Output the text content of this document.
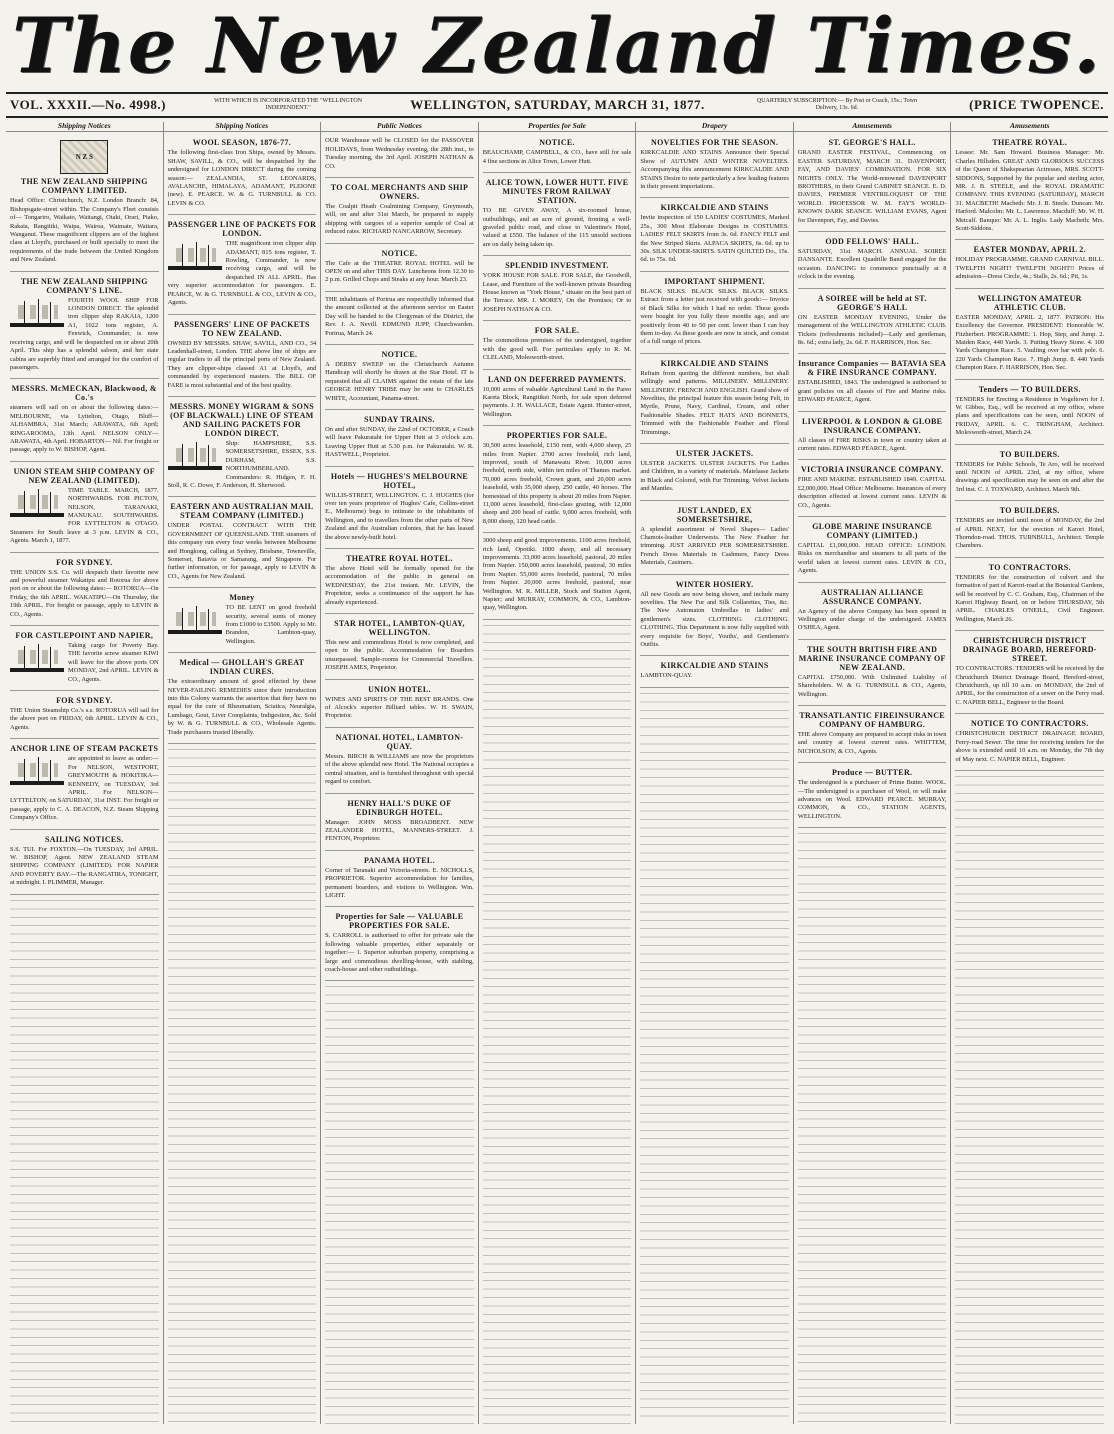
The New Zealand Times.
VOL. XXXII.—No. 4998.)	WITH WHICH IS INCORPORATED THE "WELLINGTON INDEPENDENT."	WELLINGTON, SATURDAY, MARCH 31, 1877.	QUARTERLY SUBSCRIPTION:— By Post or Coach, 15s.; Town Delivery, 13s. 6d.	(PRICE TWOPENCE.
Shipping Notices
N Z S
THE NEW ZEALAND SHIPPING COMPANY LIMITED.

Head Office: Christchurch, N.Z. London Branch: 84, Bishopsgate-street within. The Company's Fleet consists of— Tongariro, Waikato, Waitangi, Otaki, Orari, Piako, Rakaia, Rangitiki, Waipa, Wairoa, Waimate, Waitara, Wanganui. These magnificent clippers are of the highest class at Lloyd's, purchased or built specially to meet the requirements of the trade between the United Kingdom and New Zealand.

THE NEW ZEALAND SHIPPING COMPANY'S LINE.

FOURTH WOOL SHIP FOR LONDON DIRECT. The splendid iron clipper ship RAKAIA, 1200 A1, 1022 tons register, A. Fenwick, Commander, is now receiving cargo, and will be despatched on or about 20th April. This ship has a splendid saloon, and her state cabins are superbly fitted and arranged for the comfort of passengers.

MESSRS. McMECKAN, Blackwood, & Co.'s

steamers will sail on or about the following dates:— MELBOURNE, via Lyttelton, Otago, Bluff— ALHAMBRA, 31st March; ARAWATA, 6th April; RINGAROOMA, 13th April. NELSON ONLY— ARAWATA, 4th April. HOBARTON— Nil. For freight or passage, apply to W. BISHOP, Agent.

UNION STEAM SHIP COMPANY OF NEW ZEALAND (LIMITED).

TIME TABLE. MARCH, 1877. NORTHWARDS. FOR PICTON, NELSON, TARANAKI, MANUKAU. SOUTHWARDS. FOR LYTTELTON & OTAGO. Steamers for South leave at 3 p.m. LEVIN & CO., Agents. March 1, 1877.

FOR SYDNEY.

THE UNION S.S. Co. will despatch their favorite new and powerful steamer Wakatipu and Rotorua for above port on or about the following dates:— ROTORUA—On Friday, the 6th APRIL. WAKATIPU—On Thursday, the 19th APRIL. For freight or passage, apply to LEVIN & CO., Agents.

FOR CASTLEPOINT AND NAPIER,

Taking cargo for Poverty Bay. THE favorite screw steamer KIWI will leave for the above ports ON MONDAY, 2nd APRIL. LEVIN & CO., Agents.

FOR SYDNEY.

THE Union Steamship Co.'s s.s. ROTORUA will sail for the above port on FRIDAY, 6th APRIL. LEVIN & CO., Agents.

ANCHOR LINE OF STEAM PACKETS

are appointed to leave as under:— For NELSON, WESTPORT, GREYMOUTH & HOKITIKA—KENNEDY, on TUESDAY, 3rd APRIL. For NELSON—LYTTELTON, on SATURDAY, 31st INST. For freight or passage, apply to C. A. DEACON, N.Z. Steam Shipping Company's Office.

SAILING NOTICES.

S.S. TUI. For FOXTON.—On TUESDAY, 3rd APRIL. W. BISHOP, Agent. NEW ZEALAND STEAM SHIPPING COMPANY (LIMITED). FOR NAPIER AND POVERTY BAY.—The RANGATIRA, TONIGHT, at midnight. I. PLIMMER, Manager.

Shipping Notices
WOOL SEASON, 1876-77.

The following first-class Iron Ships, owned by Messrs. SHAW, SAVILL, & CO., will be despatched by the undersigned for LONDON DIRECT during the coming season:— ZEALANDIA, ST. LEONARDS, AVALANCHE, HIMALAYA, ADAMANT, PLEIONE (new). E. PEARCE. W. & G. TURNBULL & CO. LEVIN & CO.

PASSENGER LINE OF PACKETS FOR LONDON.

THE magnificent iron clipper ship ADAMANT, 815 tons register, T. Rowling, Commander, is now receiving cargo, and will be despatched IN ALL APRIL. Has very superior accommodation for passengers. E. PEARCE, W. & G. TURNBULL & CO., LEVIN & CO., Agents.

PASSENGERS' LINE OF PACKETS TO NEW ZEALAND.

OWNED BY MESSRS. SHAW, SAVILL, AND CO., 34 Leadenhall-street, London. THE above line of ships are regular traders to all the principal ports of New Zealand. They are clipper-ships classed A1 at Lloyd's, and commanded by experienced masters. The BILL OF FARE is most substantial and of the best quality.

MESSRS. MONEY WIGRAM & SONS (OF BLACKWALL) LINE OF STEAM AND SAILING PACKETS FOR LONDON DIRECT.

Ship: HAMPSHIRE, S.S. SOMERSETSHIRE, ESSEX, S.S. DURHAM, S.S. NORTHUMBERLAND. Commanders: R. Hidgen, F. H. Stoll, R. C. Dowe, F. Anderson, H. Sherwood.

EASTERN AND AUSTRALIAN MAIL STEAM COMPANY (LIMITED.)

UNDER POSTAL CONTRACT WITH THE GOVERNMENT OF QUEENSLAND. THE steamers of this company run every four weeks between Melbourne and Hongkong, calling at Sydney, Brisbane, Townsville, Somerset, Batavia or Samarang, and Singapore. For further information, or for passage, apply to LEVIN & CO., Agents for New Zealand.

Money

TO BE LENT on good freehold security, several sums of money from £1000 to £3500. Apply to Mr. Brandon, Lambton-quay, Wellington.

Medical — GHOLLAH'S GREAT INDIAN CURES.

The extraordinary amount of good effected by these NEVER-FAILING REMEDIES since their introduction into this Colony warrants the assertion that they have no equal for the cure of Rheumatism, Sciatica, Neuralgia, Lumbago, Gout, Liver Complaints, Indigestion, &c. Sold by W. & G. TURNBULL & CO., Wholesale Agents. Trade purchasers trusted liberally.

Public Notices

OUR Warehouse will be CLOSED for the PASSOVER HOLIDAYS, from Wednesday evening, the 28th inst., to Tuesday morning, the 3rd April. JOSEPH NATHAN & CO.

TO COAL MERCHANTS AND SHIP OWNERS.

The Coalpit Heath Coalmining Company, Greymouth, will, on and after 31st March, be prepared to supply shipping with cargoes of a superior sample of Coal at reduced rates. RICHARD NANCARROW, Secretary.

NOTICE.

The Cafe at the THEATRE ROYAL HOTEL will be OPEN on and after THIS DAY. Luncheons from 12.30 to 2 p.m. Grilled Chops and Steaks at any hour. March 23.

THE inhabitants of Porirua are respectfully informed that the amount collected at the afternoon service on Easter Day will be handed to the Clergyman of the District, the Rev. J. A. Nevill. EDMUND JUPP, Churchwarden. Porirua, March 24.

NOTICE.

A DERBY SWEEP on the Christchurch Autumn Handicap will shortly be drawn at the Star Hotel. IT is requested that all CLAIMS against the estate of the late GEORGE HENRY TRIBE may be sent to CHARLES WHITE, Accountant, Panama-street.

SUNDAY TRAINS.

On and after SUNDAY, the 22nd of OCTOBER, a Coach will leave Pakuratahi for Upper Hutt at 3 o'clock a.m. Leaving Upper Hutt at 5.30 p.m. for Pakuratahi. W. R. HASTWELL, Proprietor.

Hotels — HUGHES'S MELBOURNE HOTEL,

WILLIS-STREET, WELLINGTON. C. J. HUGHES (for over ten years proprietor of Hughes' Cafe, Collins-street E., Melbourne) begs to intimate to the inhabitants of Wellington, and to travellers from the other parts of New Zealand and the Australian colonies, that he has leased the above newly-built hotel.

THEATRE ROYAL HOTEL.

The above Hotel will be formally opened for the accommodation of the public in general on WEDNESDAY, the 21st instant. Mr. LEVIN, the Proprietor, seeks a continuance of the support he has already experienced.

STAR HOTEL, LAMBTON-QUAY, WELLINGTON.

This new and commodious Hotel is now completed, and open to the public. Accommodation for Boarders unsurpassed. Sample-rooms for Commercial Travellers. JOSEPH AMES, Proprietor.

UNION HOTEL.

WINES AND SPIRITS OF THE BEST BRANDS. One of Alcock's superior Billiard tables. W. H. SWAIN, Proprietor.

NATIONAL HOTEL, LAMBTON-QUAY.

Messrs. BIRCH & WILLIAMS are now the proprietors of the above splendid new Hotel. The National occupies a central situation, and is furnished throughout with special regard to comfort.

HENRY HALL'S DUKE OF EDINBURGH HOTEL.

Manager: JOHN MOSS BROADBENT. NEW ZEALANDER HOTEL, MANNERS-STREET. J. FENTON, Proprietor.

PANAMA HOTEL.

Corner of Taranaki and Victoria-streets. E. NICHOLLS, PROPRIETOR. Superior accommodation for families, permanent boarders, and visitors to Wellington. Wm. LIGHT.

Properties for Sale — VALUABLE PROPERTIES FOR SALE.

S. CARROLL is authorised to offer for private sale the following valuable properties, either separately or together:— 1. Superior suburban property, comprising a large and commodious dwelling-house, with stabling, coach-house and other outbuildings.

Properties for Sale
NOTICE.

BEAUCHAMP, CAMPBELL, & CO., have still for sale 4 fine sections in Alice Town, Lower Hutt.

ALICE TOWN, LOWER HUTT. FIVE MINUTES FROM RAILWAY STATION.

TO BE GIVEN AWAY, A six-roomed house, outbuildings, and an acre of ground, fronting a well-graveled public road, and close to Valentine's Hotel, valued at £550. The balance of the 115 unsold sections are on daily being taken up.

SPLENDID INVESTMENT.

YORK HOUSE FOR SALE. FOR SALE, the Goodwill, Lease, and Furniture of the well-known private Boarding House known as "York House," situate on the best part of the Terrace. MR. J. MOREY, On the Premises; Or to JOSEPH NATHAN & CO.

FOR SALE.

The commodious premises of the undersigned, together with the good will. For particulars apply to R. M. CLELAND, Molesworth-street.

LAND ON DEFERRED PAYMENTS.

10,000 acres of valuable Agricultural Land in the Pareo Kareta Block, Rangitikei North, for sale upon deferred payments. J. H. WALLACE, Estate Agent. Hunter-street, Wellington.

PROPERTIES FOR SALE.

30,500 acres leasehold, £150 rent, with 4,000 sheep, 25 miles from Napier. 2700 acres freehold, rich land, improved, south of Manawatu River. 10,000 acres freehold, north side, within ten miles of Thames market. 70,000 acres freehold, Crown grant, and 20,000 acres leasehold, with 35,000 sheep, 250 cattle, 40 horses. The homestead of this property is about 20 miles from Napier. 11,000 acres leasehold, first-class grazing, with 12,000 sheep and 200 head of cattle. 9,000 acres freehold, with 8,000 sheep, 120 head cattle.

3000 sheep and good improvements. 1100 acres freehold, rich land, Opotiki. 1000 sheep, and all necessary improvements. 33,000 acres leasehold, pastoral, 20 miles from Napier. 150,000 acres leasehold, pastoral, 30 miles from Napier. 55,000 acres freehold, pastoral, 70 miles from Napier. 20,000 acres freehold, pastoral, near Wellington. M. R. MILLER, Stock and Station Agent, Napier; and MURRAY, COMMON, & CO., Lambton-quay, Wellington.

Drapery
NOVELTIES FOR THE SEASON.

KIRKCALDIE AND STAINS Announce their Special Show of AUTUMN AND WINTER NOVELTIES. Accompanying this announcement KIRKCALDIE AND STAINS Desire to note particularly a few leading features in their present importations.

KIRKCALDIE AND STAINS

Invite inspection of 150 LADIES' COSTUMES, Marked 25s., 300 Most Elaborate Designs in COSTUMES. LADIES' FELT SKIRTS from 3s. 6d. FANCY FELT and the New Striped Skirts. ALPACA SKIRTS, 6s. 6d. up to 30s. SILK UNDER-SKIRTS. SATIN QUILTED Do., 15s. 6d. to 75s. 6d.

IMPORTANT SHIPMENT.

BLACK SILKS. BLACK SILKS. BLACK SILKS. Extract from a letter just received with goods:— Invoice of Black Silks for which I had no order. These goods were bought for you fully three months ago, and are positively from 40 to 50 per cent. lower than I can buy them to-day. As these goods are now in stock, and consist of a full range of prices.

KIRKCALDIE AND STAINS

Refrain from quoting the different numbers, but shall willingly send patterns. MILLINERY. MILLINERY. MILLINERY. FRENCH AND ENGLISH. Grand show of Novelties, the principal feature this season being Felt, in Myrtle, Prune, Navy, Cardinal, Cream, and other Fashionable Shades. FELT HATS AND BONNETS, Trimmed with the Fashionable Feather and Floral Trimmings.

ULSTER JACKETS.

ULSTER JACKETS. ULSTER JACKETS. For Ladies and Children, in a variety of materials. Matelasse Jackets in Black and Colored, with Fur Trimming. Velvet Jackets and Mantles.

JUST LANDED, EX SOMERSETSHIRE,

A splendid assortment of Novel Shapes— Ladies' Chamois-leather Underwests. The New Feather fur trimming. JUST ARRIVED PER SOMERSETSHIRE. French Dress Materials in Cashmere, Fancy Dress Materials, Casimers.

WINTER HOSIERY.

All new Goods are now being shown, and include many novelties. The New Fur and Silk Collarettes, Ties, &c. The New Automaton Umbrellas in ladies' and gentlemen's sizes. CLOTHING. CLOTHING. CLOTHING. This Department is now fully supplied with every requisite for Boys', Youths', and Gentlemen's Outfits.

KIRKCALDIE AND STAINS

LAMBTON-QUAY.

Amusements
ST. GEORGE'S HALL.

GRAND EASTER FESTIVAL, Commencing on EASTER SATURDAY, MARCH 31. DAVENPORT, FAY, AND DAVIES' COMBINATION. FOR SIX NIGHTS ONLY. The World-renowned DAVENPORT BROTHERS, in their Grand CABINET SEANCE. E. D. DAVIES, PREMIER VENTRILOQUIST OF THE WORLD. PROFESSOR W. M. FAY'S WORLD-KNOWN DARK SEANCE. WILLIAM EVANS, Agent for Davenport, Fay, and Davies.

ODD FELLOWS' HALL.

SATURDAY, 31st MARCH. ANNUAL SOIREE DANSANTE. Excellent Quadrille Band engaged for the occasion. DANCING to commence punctually at 8 o'clock in the evening.

A SOIREE will be held at ST. GEORGE'S HALL

ON EASTER MONDAY EVENING, Under the management of the WELLINGTON ATHLETIC CLUB. Tickets (refreshments included)—Lady and gentleman, 8s. 6d.; extra lady, 2s. 6d. F. HARRISON, Hon. Sec.

Insurance Companies — BATAVIA SEA & FIRE INSURANCE COMPANY.

ESTABLISHED, 1843. The undersigned is authorised to grant policies on all classes of Fire and Marine risks. EDWARD PEARCE, Agent.

LIVERPOOL & LONDON & GLOBE INSURANCE COMPANY.

All classes of FIRE RISKS in town or country taken at current rates. EDWARD PEARCE, Agent.

VICTORIA INSURANCE COMPANY.

FIRE AND MARINE. ESTABLISHED 1849. CAPITAL £2,000,000. Head Office: Melbourne. Insurances of every description effected at lowest current rates. LEVIN & CO., Agents.

GLOBE MARINE INSURANCE COMPANY (LIMITED.)

CAPITAL £1,000,000. HEAD OFFICE: LONDON. Risks on merchandise and steamers to all parts of the world taken at lowest current rates. LEVIN & CO., Agents.

AUSTRALIAN ALLIANCE ASSURANCE COMPANY.

An Agency of the above Company has been opened in Wellington under charge of the undersigned. JAMES O'SHEA, Agent.

THE SOUTH BRITISH FIRE AND MARINE INSURANCE COMPANY OF NEW ZEALAND.

CAPITAL £750,000. With Unlimited Liability of Shareholders. W. & G. TURNBULL & CO., Agents, Wellington.

TRANSATLANTIC FIREINSURANCE COMPANY OF HAMBURG.

THE above Company are prepared to accept risks in town and country at lowest current rates. WHITTEM, NICHOLSON, & CO., Agents.

Produce — BUTTER.

The undersigned is a purchaser of Prime Butter. WOOL.—The undersigned is a purchaser of Wool, or will make advances on Wool. EDWARD PEARCE. MURRAY, COMMON, & CO., STATION AGENTS, WELLINGTON.

Amusements
THEATRE ROYAL.

Lessee: Mr. Sam Howard. Business Manager: Mr. Charles Hillsden. GREAT AND GLORIOUS SUCCESS of the Queen of Shakspearian Actresses, MRS. SCOTT-SIDDONS, Supported by the popular and sterling actor, MR. J. B. STEELE, and the ROYAL DRAMATIC COMPANY. THIS EVENING (SATURDAY), MARCH 31. MACBETH! Macbeth: Mr. J. B. Steele. Duncan: Mr. Harford. Malcolm: Mr. L. Lawrence. Macduff: Mr. W. H. Metcalf. Banquo: Mr. A. L. Inglis. Lady Macbeth: Mrs. Scott-Siddons.

EASTER MONDAY, APRIL 2.

HOLIDAY PROGRAMME. GRAND CARNIVAL BILL. TWELFTH NIGHT! TWELFTH NIGHT!! Prices of admission—Dress Circle, 4s.; Stalls, 2s. 6d.; Pit, 1s.

WELLINGTON AMATEUR ATHLETIC CLUB.

EASTER MONDAY, APRIL 2, 1877. PATRON: His Excellency the Governor. PRESIDENT: Honorable W. Fitzherbert. PROGRAMME: 1. Hop, Step, and Jump. 2. Maiden Race, 440 Yards. 3. Putting Heavy Stone. 4. 100 Yards Champion Race. 5. Vaulting over bar with pole. 6. 220 Yards Champion Race. 7. High Jump. 8. 440 Yards Champion Race. F. HARRISON, Hon. Sec.

Tenders — TO BUILDERS.

TENDERS for Erecting a Residence in Vogeltown for J. W. Gibbes, Esq., will be received at my office, where plans and specifications can be seen, until NOON of FRIDAY, APRIL 6. C. TRINGHAM, Architect. Molesworth-street, March 24.

TO BUILDERS.

TENDERS for Public Schools, Te Aro, will be received until NOON of APRIL 23rd, at my office, where drawings and specification may be seen on and after the 3rd inst. C. J. TOXWARD, Architect. March 9th.

TO BUILDERS.

TENDERS are invited until noon of MONDAY, the 2nd of APRIL NEXT, for the erection of Karori Hotel, Thorndon-road. THOS. TURNBULL, Architect. Temple Chambers.

TO CONTRACTORS.

TENDERS for the construction of culvert and the formation of part of Karori-road at the Botanical Gardens, will be received by C. C. Graham, Esq., Chairman of the Karori Highway Board, on or before THURSDAY, 5th APRIL. CHARLES O'NEILL, Civil Engineer. Wellington, March 26.

CHRISTCHURCH DISTRICT DRAINAGE BOARD, HEREFORD-STREET.

TO CONTRACTORS. TENDERS will be received by the Christchurch District Drainage Board, Hereford-street, Christchurch, up till 10 a.m. on MONDAY, the 2nd of APRIL, for the construction of a sewer on the Ferry road. C. NAPIER BELL, Engineer to the Board.

NOTICE TO CONTRACTORS.

CHRISTCHURCH DISTRICT DRAINAGE BOARD, Ferry-road Sewer. The time for receiving tenders for the above is extended until 10 a.m. on Monday, the 7th day of May next. C. NAPIER BELL, Engineer.
